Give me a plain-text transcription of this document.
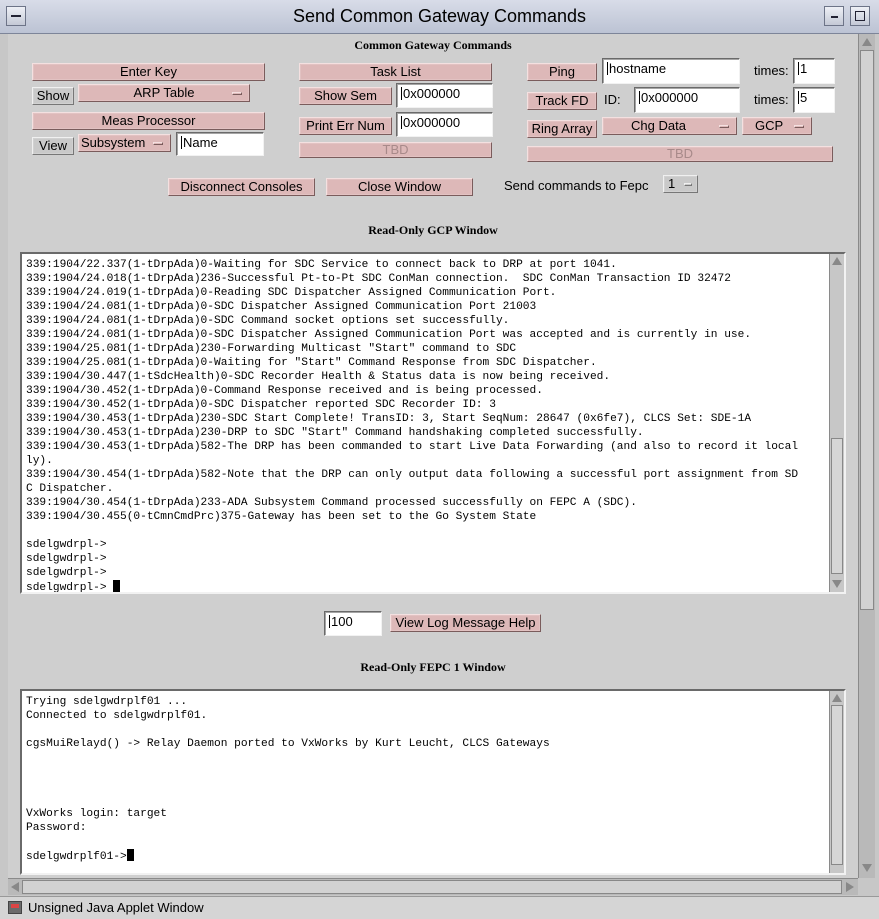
Send Common Gateway Commands
Common Gateway Commands
Enter Key
Show	ARP Table
Meas Processor
View	Subsystem	Name
Task List
Show Sem	0x000000
Print Err Num	0x000000
TBD
Ping	hostname	times: 1
Track FD	ID:	0x000000	times: 5
Ring Array	Chg Data	GCP
TBD
Disconnect Consoles	Close Window	Send commands to Fepc 1
Read-Only GCP Window
339:1904/22.337(1-tDrpAda)0-Waiting for SDC Service to connect back to DRP at port 1041.
339:1904/24.018(1-tDrpAda)236-Successful Pt-to-Pt SDC ConMan connection.  SDC ConMan Transaction ID 32472
339:1904/24.019(1-tDrpAda)0-Reading SDC Dispatcher Assigned Communication Port.
339:1904/24.081(1-tDrpAda)0-SDC Dispatcher Assigned Communication Port 21003
339:1904/24.081(1-tDrpAda)0-SDC Command socket options set successfully.
339:1904/24.081(1-tDrpAda)0-SDC Dispatcher Assigned Communication Port was accepted and is currently in use.
339:1904/25.081(1-tDrpAda)230-Forwarding Multicast "Start" command to SDC
339:1904/25.081(1-tDrpAda)0-Waiting for "Start" Command Response from SDC Dispatcher.
339:1904/30.447(1-tSdcHealth)0-SDC Recorder Health & Status data is now being received.
339:1904/30.452(1-tDrpAda)0-Command Response received and is being processed.
339:1904/30.452(1-tDrpAda)0-SDC Dispatcher reported SDC Recorder ID: 3
339:1904/30.453(1-tDrpAda)230-SDC Start Complete! TransID: 3, Start SeqNum: 28647 (0x6fe7), CLCS Set: SDE-1A
339:1904/30.453(1-tDrpAda)230-DRP to SDC "Start" Command handshaking completed successfully.
339:1904/30.453(1-tDrpAda)582-The DRP has been commanded to start Live Data Forwarding (and also to record it local
ly).
339:1904/30.454(1-tDrpAda)582-Note that the DRP can only output data following a successful port assignment from SD
C Dispatcher.
339:1904/30.454(1-tDrpAda)233-ADA Subsystem Command processed successfully on FEPC A (SDC).
339:1904/30.455(0-tCmnCmdPrc)375-Gateway has been set to the Go System State

sdelgwdrpl->
sdelgwdrpl->
sdelgwdrpl->
sdelgwdrpl->
100	View Log Message Help
Read-Only FEPC 1 Window
Trying sdelgwdrplf01 ...
Connected to sdelgwdrplf01.

cgsMuiRelayd() -> Relay Daemon ported to VxWorks by Kurt Leucht, CLCS Gateways

VxWorks login: target
Password:

sdelgwdrplf01->
Unsigned Java Applet Window
